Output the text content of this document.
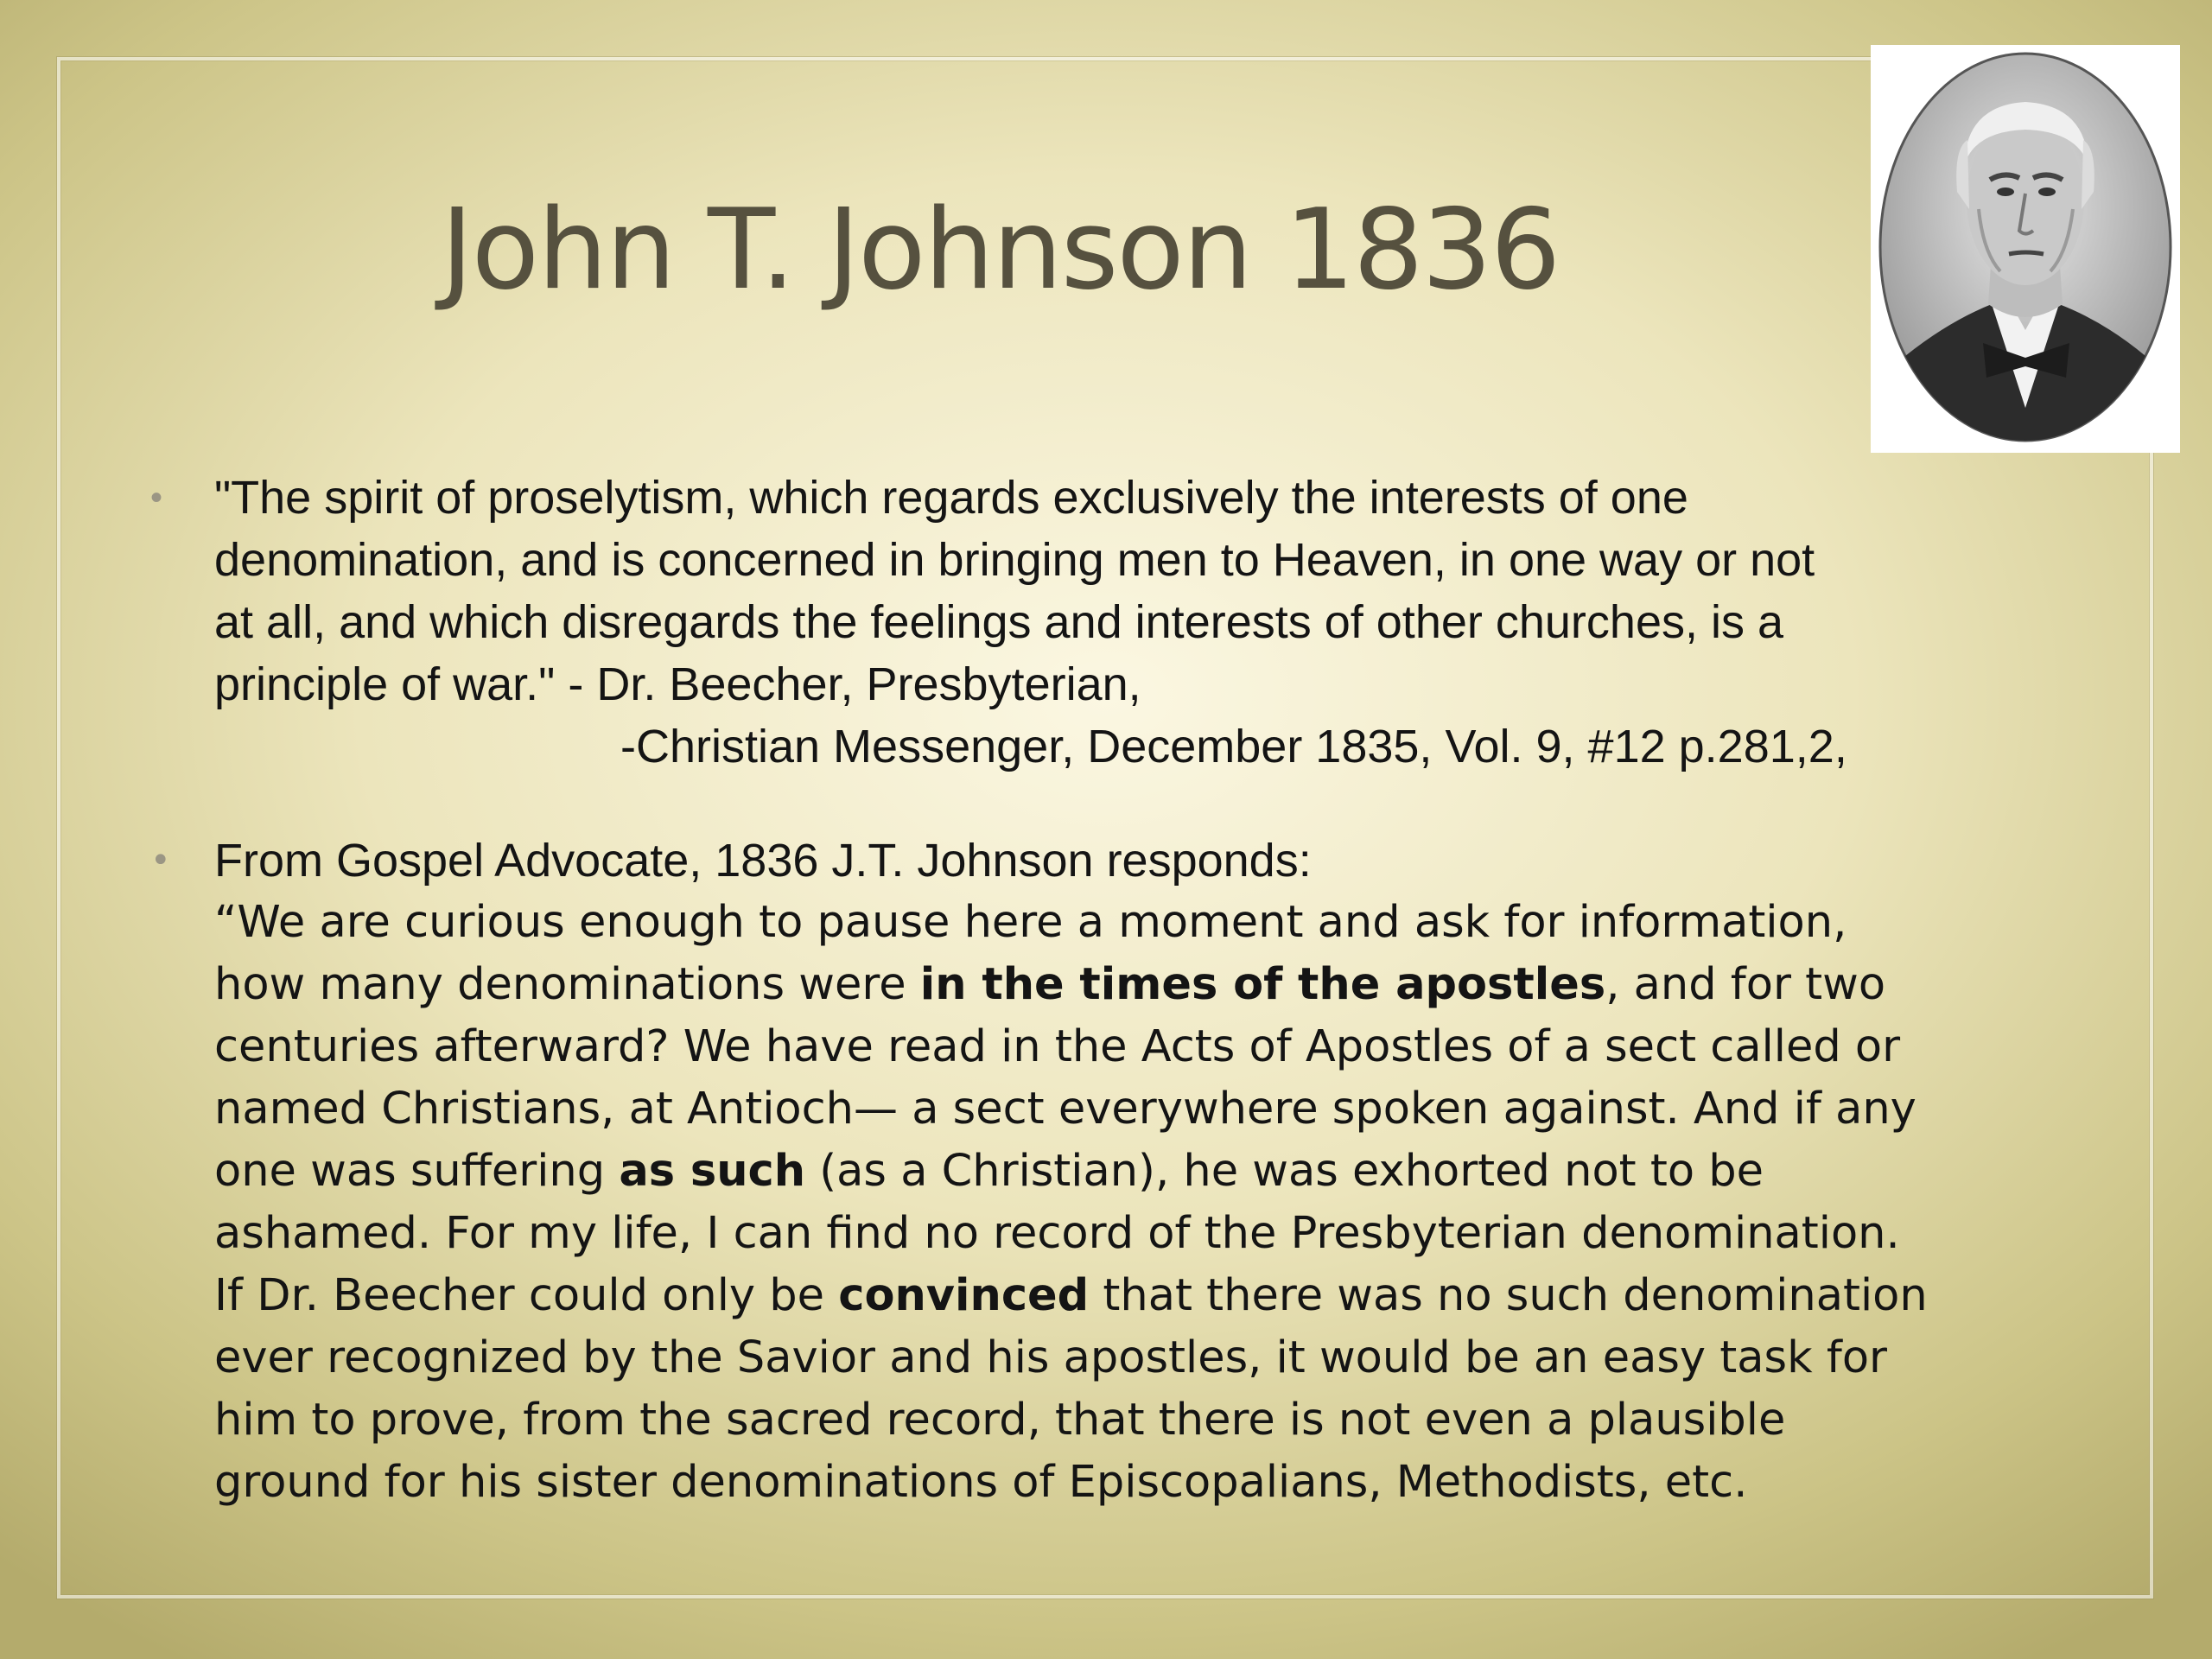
John T. Johnson 1836
• "The spirit of proselytism, which regards exclusively the interests of one
denomination, and is concerned in bringing men to Heaven, in one way or not
at all, and which disregards the feelings and interests of other churches, is a
principle of war." - Dr. Beecher, Presbyterian,
-Christian Messenger, December 1835, Vol. 9, #12 p.281,2,
• From Gospel Advocate, 1836 J.T. Johnson responds:
“We are curious enough to pause here a moment and ask for information,
how many denominations were in the times of the apostles, and for two
centuries afterward? We have read in the Acts of Apostles of a sect called or
named Christians, at Antioch— a sect everywhere spoken against. And if any
one was suffering as such (as a Christian), he was exhorted not to be
ashamed. For my life, I can find no record of the Presbyterian denomination.
If Dr. Beecher could only be convinced that there was no such denomination
ever recognized by the Savior and his apostles, it would be an easy task for
him to prove, from the sacred record, that there is not even a plausible
ground for his sister denominations of Episcopalians, Methodists, etc.
